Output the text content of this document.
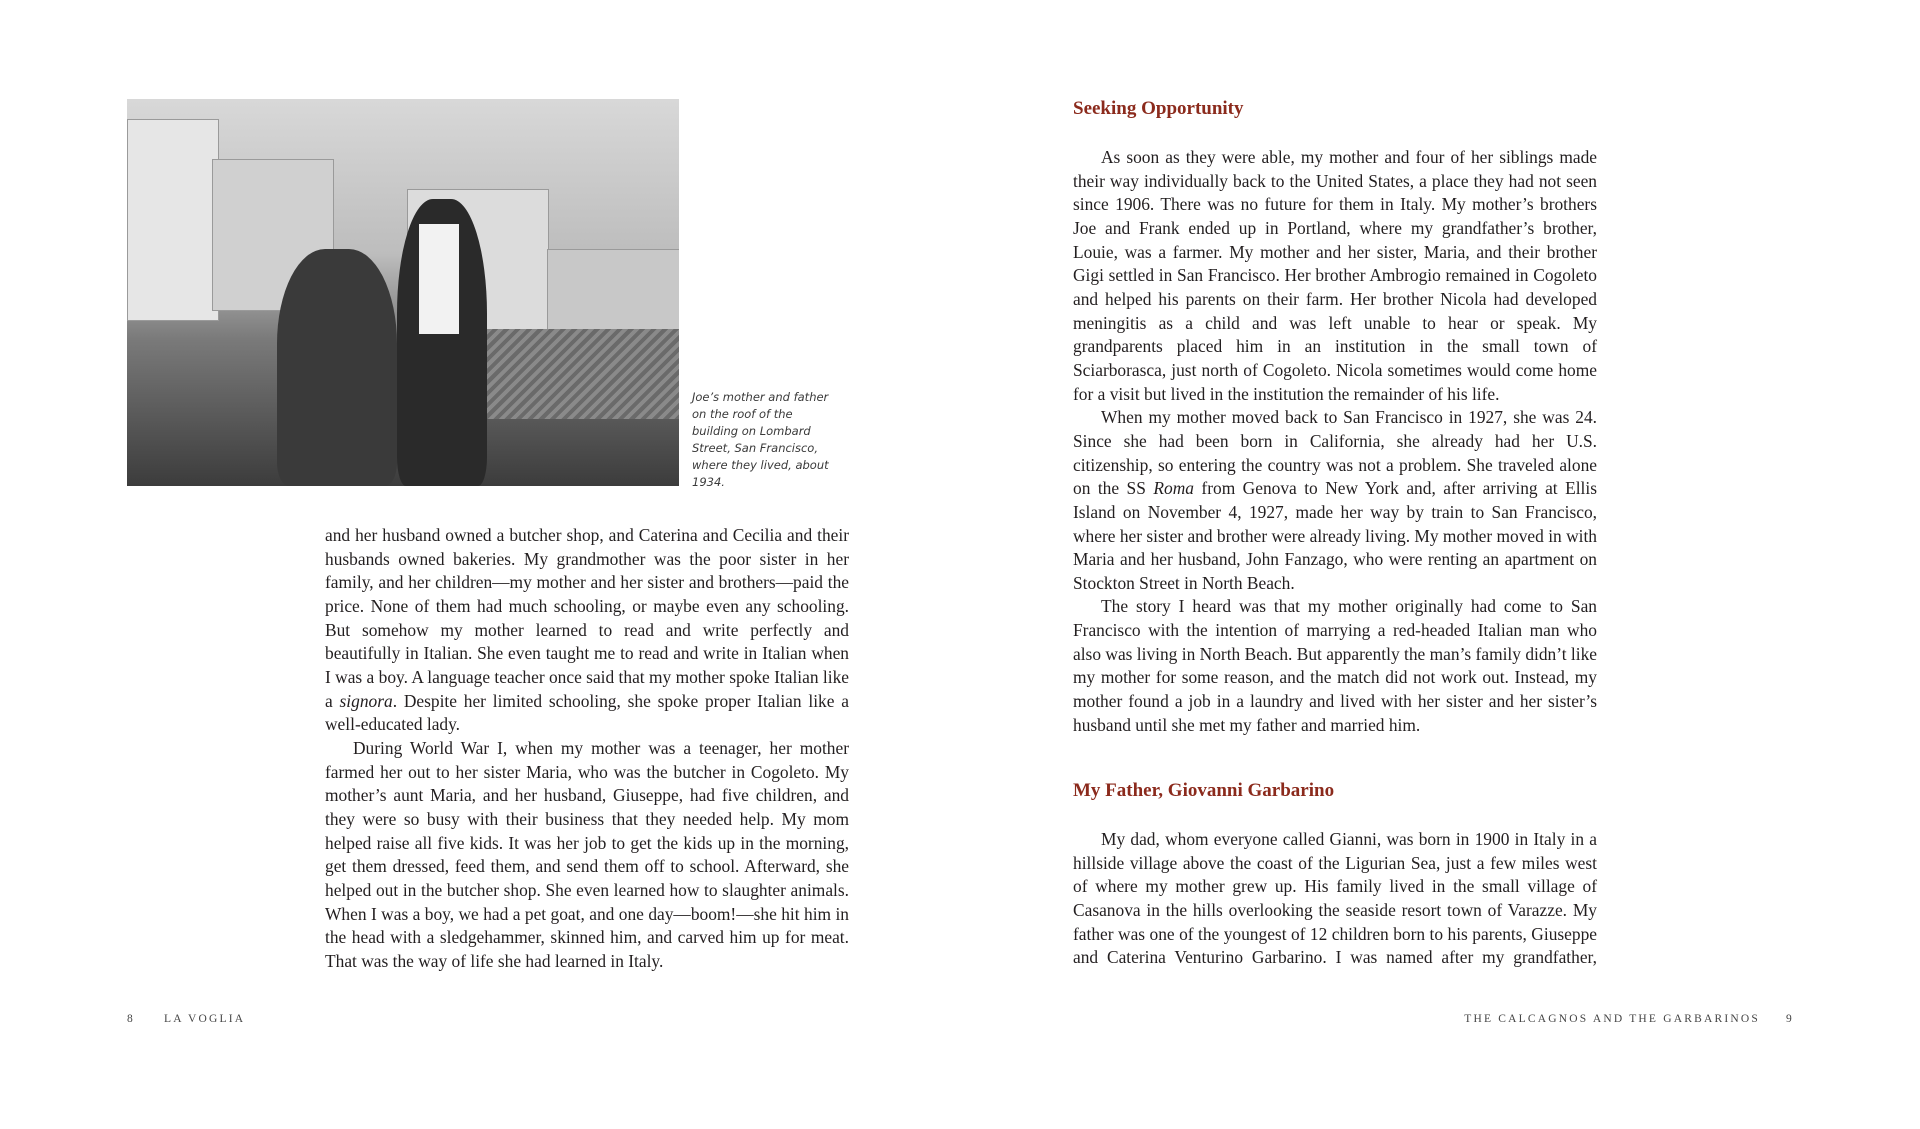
Joe’s mother and father on the roof of the building on Lombard Street, San Francisco, where they lived, about 1934.

and her husband owned a butcher shop, and Caterina and Cecilia and their husbands owned bakeries. My grandmother was the poor sister in her family, and her children—my mother and her sister and brothers—paid the price. None of them had much schooling, or maybe even any schooling. But somehow my mother learned to read and write perfectly and beautifully in Italian. She even taught me to read and write in Italian when I was a boy. A language teacher once said that my mother spoke Italian like a signora. Despite her limited schooling, she spoke proper Italian like a well-educated lady.

During World War I, when my mother was a teenager, her mother farmed her out to her sister Maria, who was the butcher in Cogoleto. My mother’s aunt Maria, and her husband, Giuseppe, had five children, and they were so busy with their business that they needed help. My mom helped raise all five kids. It was her job to get the kids up in the morning, get them dressed, feed them, and send them off to school. Afterward, she helped out in the butcher shop. She even learned how to slaughter animals. When I was a boy, we had a pet goat, and one day—boom!—she hit him in the head with a sledgehammer, skinned him, and carved him up for meat. That was the way of life she had learned in Italy.

8	LA VOGLIA
Seeking Opportunity

As soon as they were able, my mother and four of her siblings made their way individually back to the United States, a place they had not seen since 1906. There was no future for them in Italy. My mother’s brothers Joe and Frank ended up in Portland, where my grandfather’s brother, Louie, was a farmer. My mother and her sister, Maria, and their brother Gigi settled in San Francisco. Her brother Ambrogio remained in Cogoleto and helped his parents on their farm. Her brother Nicola had developed meningitis as a child and was left unable to hear or speak. My grandparents placed him in an institution in the small town of Sciarborasca, just north of Cogoleto. Nicola sometimes would come home for a visit but lived in the institution the remainder of his life.

When my mother moved back to San Francisco in 1927, she was 24. Since she had been born in California, she already had her U.S. citizenship, so entering the country was not a problem. She traveled alone on the SS Roma from Genova to New York and, after arriving at Ellis Island on November 4, 1927, made her way by train to San Francisco, where her sister and brother were already living. My mother moved in with Maria and her husband, John Fanzago, who were renting an apartment on Stockton Street in North Beach.

The story I heard was that my mother originally had come to San Francisco with the intention of marrying a red-headed Italian man who also was living in North Beach. But apparently the man’s family didn’t like my mother for some reason, and the match did not work out. Instead, my mother found a job in a laundry and lived with her sister and her sister’s husband until she met my father and married him.

My Father, Giovanni Garbarino

My dad, whom everyone called Gianni, was born in 1900 in Italy in a hillside village above the coast of the Ligurian Sea, just a few miles west of where my mother grew up. His family lived in the small village of Casanova in the hills overlooking the seaside resort town of Varazze. My father was one of the youngest of 12 children born to his parents, Giuseppe and Caterina Venturino Garbarino. I was named after my grandfather,

THE CALCAGNOS AND THE GARBARINOS 9
